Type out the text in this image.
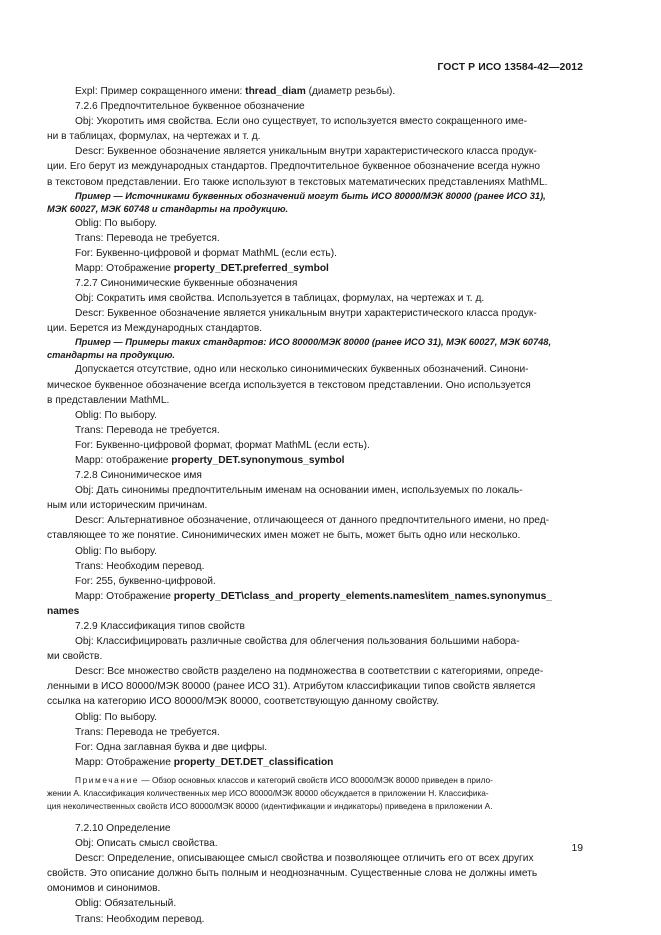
ГОСТ Р ИСО 13584-42—2012

Expl: Пример сокращенного имени: thread_diam (диаметр резьбы).

7.2.6 Предпочтительное буквенное обозначение

Obj: Укоротить имя свойства. Если оно существует, то используется вместо сокращенного име-

ни в таблицах, формулах, на чертежах и т. д.

Descr: Буквенное обозначение является уникальным внутри характеристического класса продук-

ции. Его берут из международных стандартов. Предпочтительное буквенное обозначение всегда нужно

в текстовом представлении. Его также используют в текстовых математических представлениях MathML.

Пример — Источниками буквенных обозначений могут быть ИСО 80000/МЭК 80000 (ранее ИСО 31),

МЭК 60027, МЭК 60748 и стандарты на продукцию.

Oblig: По выбору.

Trans: Перевода не требуется.

For: Буквенно-цифровой и формат MathML (если есть).

Mapp: Отображение property_DET.preferred_symbol

7.2.7 Синонимические буквенные обозначения

Obj: Сократить имя свойства. Используется в таблицах, формулах, на чертежах и т. д.

Descr: Буквенное обозначение является уникальным внутри характеристического класса продук-

ции. Берется из Международных стандартов.

Пример — Примеры таких стандартов: ИСО 80000/МЭК 80000 (ранее ИСО 31), МЭК 60027, МЭК 60748,

стандарты на продукцию.

Допускается отсутствие, одно или несколько синонимических буквенных обозначений. Синони-

мическое буквенное обозначение всегда используется в текстовом представлении. Оно используется

в представлении MathML.

Oblig: По выбору.

Trans: Перевода не требуется.

For: Буквенно-цифровой формат, формат MathML (если есть).

Mapp: отображение property_DET.synonymous_symbol

7.2.8 Синонимическое имя

Obj: Дать синонимы предпочтительным именам на основании имен, используемых по локаль-

ным или историческим причинам.

Descr: Альтернативное обозначение, отличающееся от данного предпочтительного имени, но пред-

ставляющее то же понятие. Синонимических имен может не быть, может быть одно или несколько.

Oblig: По выбору.

Trans: Необходим перевод.

For: 255, буквенно-цифровой.

Mapp: Отображение property_DET\class_and_property_elements.names\item_names.synonymus_

names

7.2.9 Классификация типов свойств

Obj: Классифицировать различные свойства для облегчения пользования большими набора-

ми свойств.

Descr: Все множество свойств разделено на подмножества в соответствии с категориями, опреде-

ленными в ИСО 80000/МЭК 80000 (ранее ИСО 31). Атрибутом классификации типов свойств является

ссылка на категорию ИСО 80000/МЭК 80000, соответствующую данному свойству.

Oblig: По выбору.

Trans: Перевода не требуется.

For: Одна заглавная буква и две цифры.

Mapp: Отображение property_DET.DET_classification

Примечание — Обзор основных классов и категорий свойств ИСО 80000/МЭК 80000 приведен в прило-

жении А. Классификация количественных мер ИСО 80000/МЭК 80000 обсуждается в приложении Н. Классифика-

ция неколичественных свойств ИСО 80000/МЭК 80000 (идентификации и индикаторы) приведена в приложении А.

7.2.10 Определение

Obj: Описать смысл свойства.

Descr: Определение, описывающее смысл свойства и позволяющее отличить его от всех других

свойств. Это описание должно быть полным и неоднозначным. Существенные слова не должны иметь

омонимов и синонимов.

Oblig: Обязательный.

Trans: Необходим перевод.

19
